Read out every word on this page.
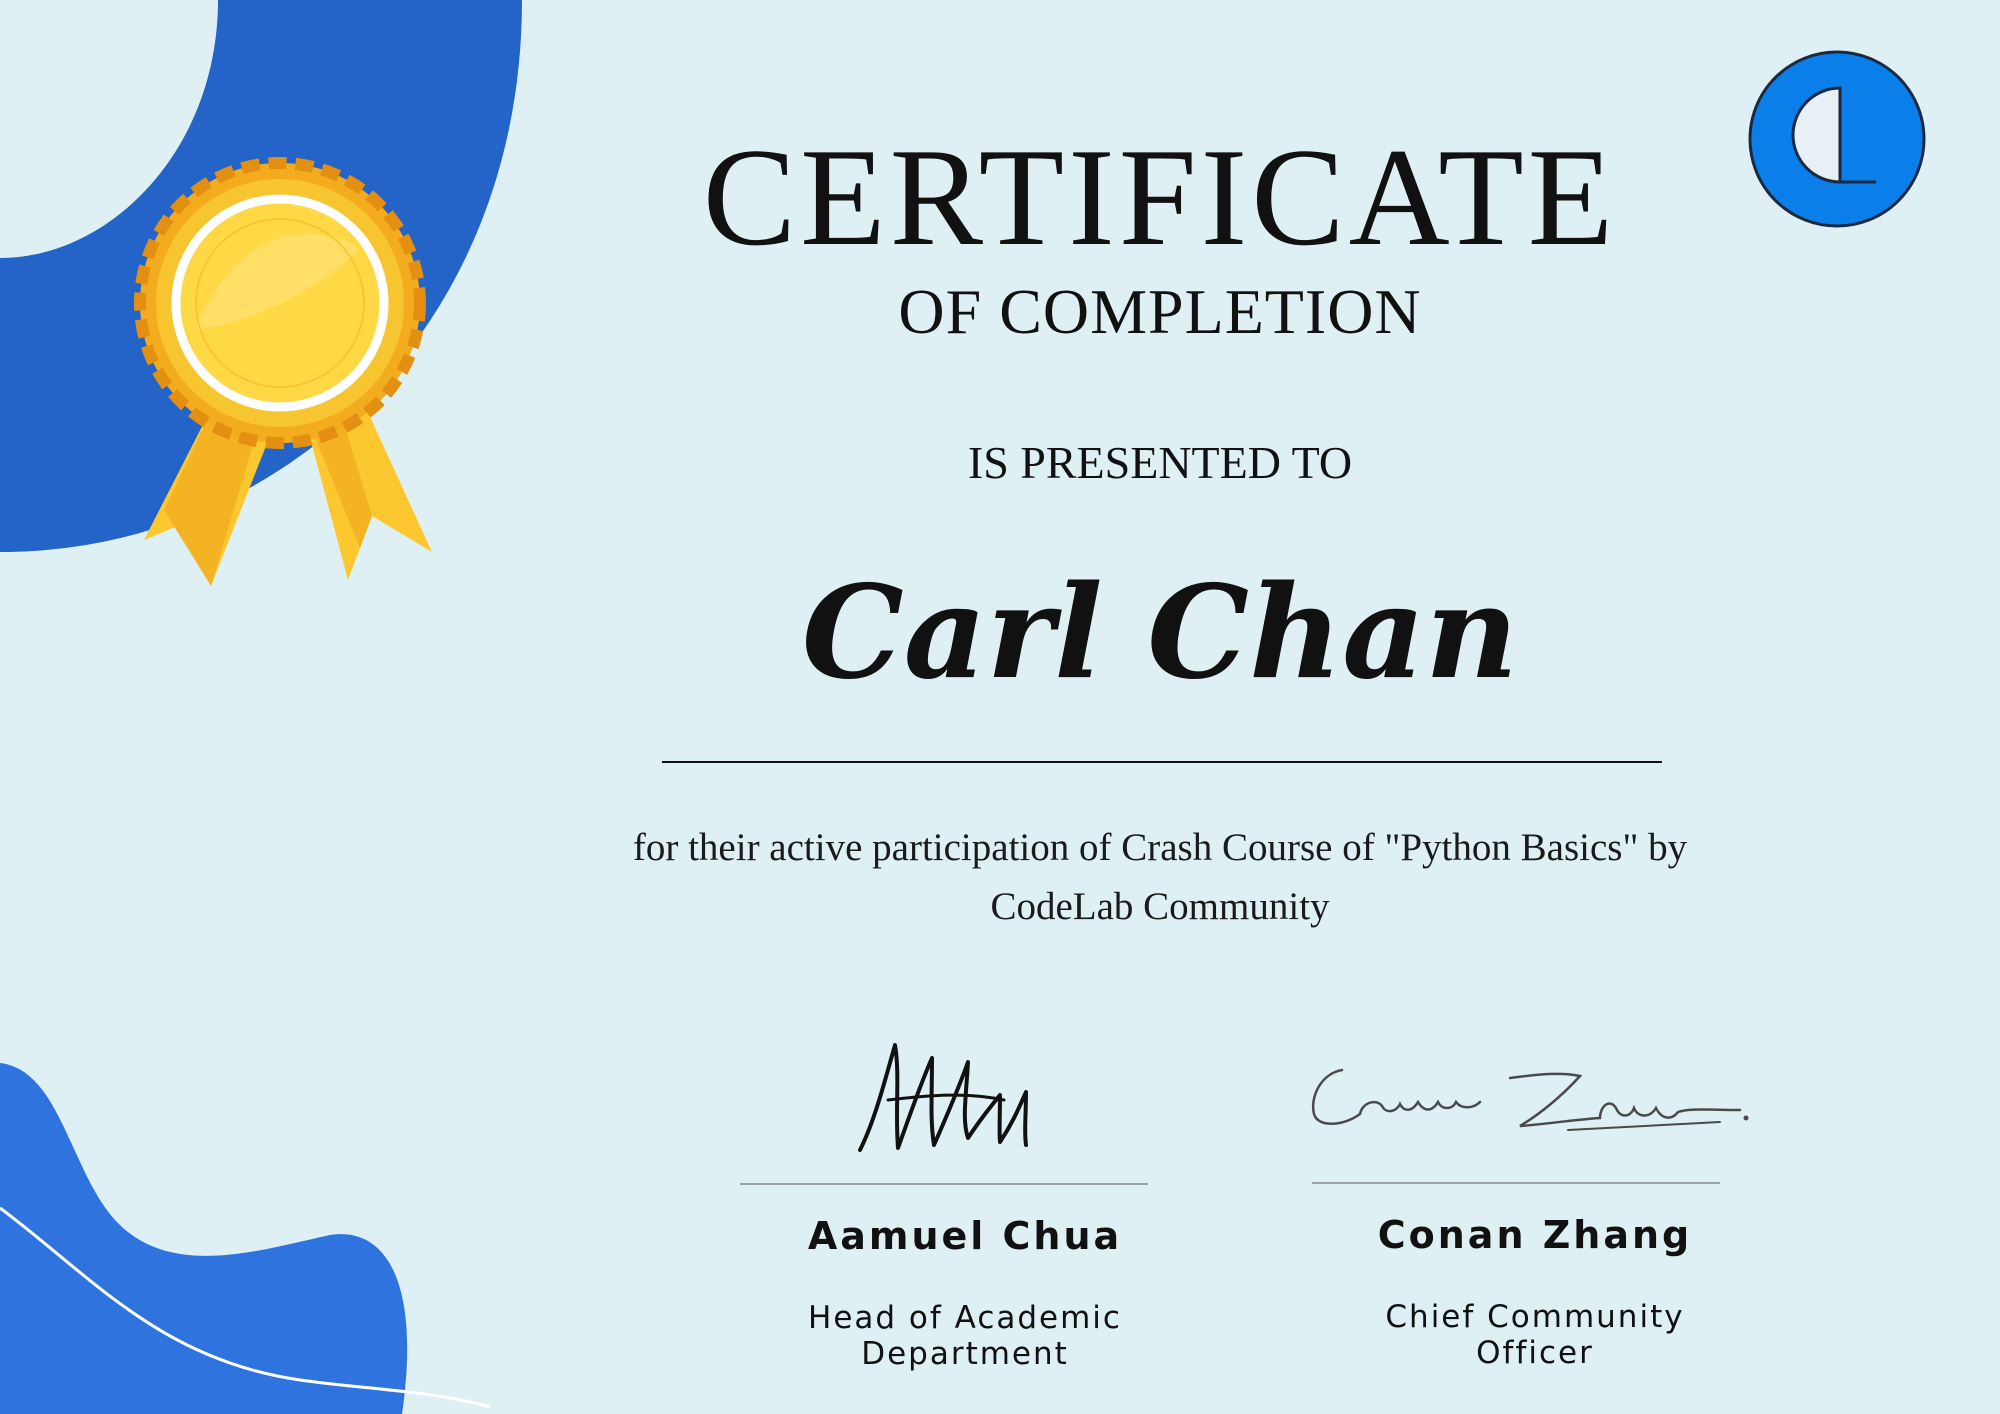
CERTIFICATE
OF COMPLETION
IS PRESENTED TO
Carl Chan
for their active participation of Crash Course of "Python Basics" by CodeLab Community
Aamuel Chua
Head of Academic Department
Conan Zhang
Chief Community Officer
